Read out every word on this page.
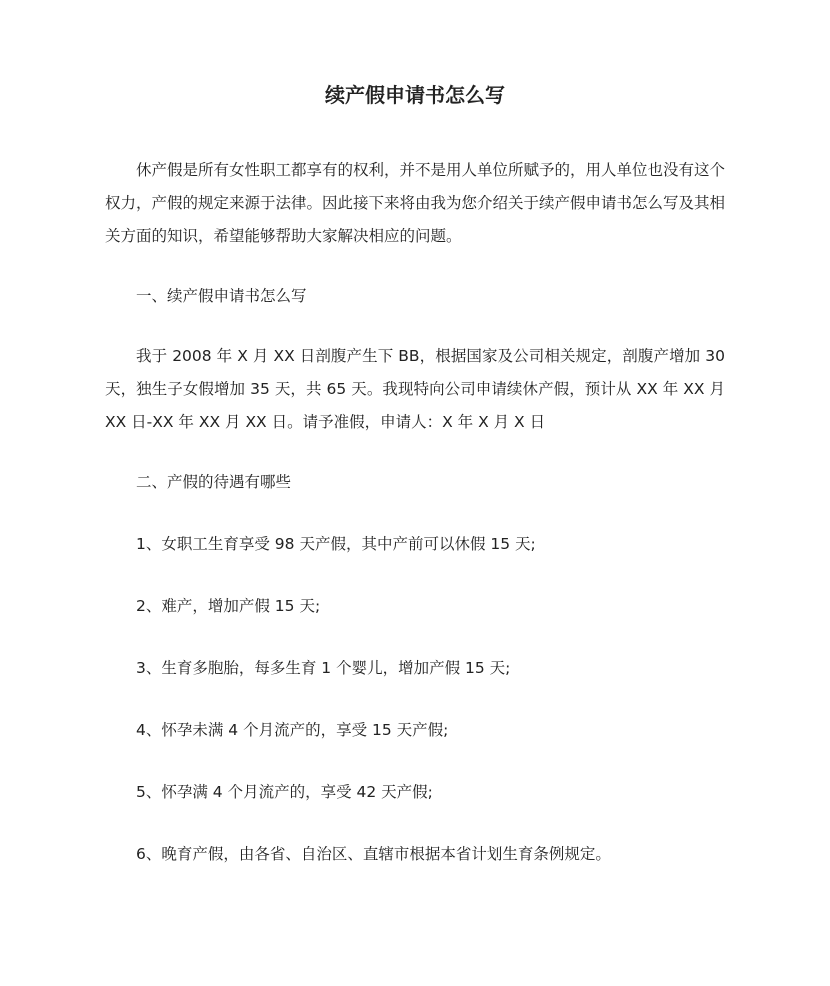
续产假申请书怎么写

休产假是所有女性职工都享有的权利，并不是用人单位所赋予的，用人单位也没有这个权力，产假的规定来源于法律。因此接下来将由我为您介绍关于续产假申请书怎么写及其相关方面的知识，希望能够帮助大家解决相应的问题。

一、续产假申请书怎么写

我于 2008 年 X 月 XX 日剖腹产生下 BB，根据国家及公司相关规定，剖腹产增加 30 天，独生子女假增加 35 天，共 65 天。我现特向公司申请续休产假，预计从 XX 年 XX 月 XX 日-XX 年 XX 月 XX 日。请予准假，申请人：X 年 X 月 X 日

二、产假的待遇有哪些

1、女职工生育享受 98 天产假，其中产前可以休假 15 天;

2、难产，增加产假 15 天;

3、生育多胞胎，每多生育 1 个婴儿，增加产假 15 天;

4、怀孕未满 4 个月流产的，享受 15 天产假;

5、怀孕满 4 个月流产的，享受 42 天产假;

6、晚育产假，由各省、自治区、直辖市根据本省计划生育条例规定。
